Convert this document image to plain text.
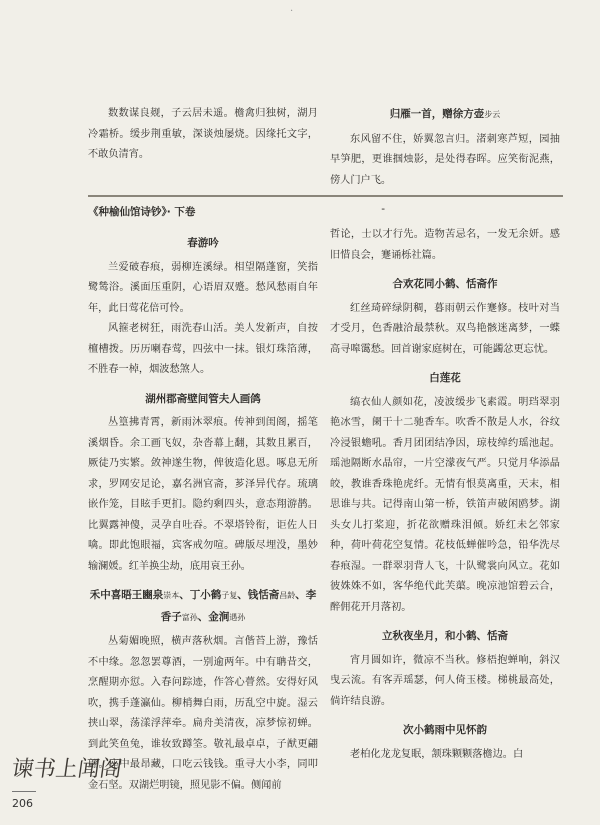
·

数数谋良觌，子云居未遥。檐禽归独树，湖月冷霜桥。缓步荆重敏，深谈烛屡烧。因缘托文字，不敢负清宵。

归雁一首，赠徐方壶步云

东风留不住，娇翼忽言归。渚刺寒芦短，园抽早笋肥，更谁掴烛影，是处得春晖。应笑衔泥燕，傍人门户飞。

《种榆仙馆诗钞》· 下卷	-
春游吟

兰爱破春痕，弱柳连溪绿。相望隔蓬窗，笑指鹭鸶浴。溪面压重阴，心语眉双蹙。愁风愁雨自年年，此日莺花倍可怜。

风箍老树狂，雨洗春山活。美人发新声，自按檀槽拨。历历喇春莺，四弦中一抹。银灯珠箔薄，不胜春一棹，烟波愁煞人。

湖州郡斋壁间管夫人画鸽

丛篁拂青霄，新雨沐翠痕。传神到闺阁，摇笔溪烟昏。余工画飞奴，杂沓幕上翻，其数且累百，厥徒乃实繁。敛神遂生物，俾彼造化恩。啄息无所求，罗网安足论，嘉名洲官斋，芗泽异代存。琉璃嵌作笼，目眩手更扪。隐约剩四头，意态翔游鹊。比翼露神傻，灵孕自吐吞。不翠塔铃衔，讵佐人日噙。即此饱眼福，宾客戒勿喧。碑版尽埋没，墨妙输澜媛。红羊换尘劫，底用哀王孙。

禾中喜晤王豳泉崇本、丁小鹤子复、钱恬斋昌龄、李香子富孙、金涧遇孙

丛菊媚晚照，横声落秋烟。言偕苔上游，豫恬不中缘。忽忽罢尊酒，一别逾两年。中有聃昔交，烹醒期亦愆。入春问踪迹，作答心瞢然。安得好风吹，携手蓬瀛仙。柳梢舞白雨，历乱空中旋。湿云挟山翠，荡漾浮萍牵。扁舟美清夜，凉梦惊初蝉。到此笑鱼兔，谁妆致蹲筌。敬礼最卓卓，子猷更翩翩。座中最昂藏，口吃云钱钱。重寻大小李，同叩金石坚。双湖烂明镜，照见影不偏。侧闻前

哲论，士以才行先。造物苦忌名，一发无余妍。感旧惜良会，蹇诵栎社篇。

合欢花同小鹤、恬斋作

红丝琦碎绿阴稠，暮雨朝云作蹇修。枝叶对当才受月，色香融洽最禁秋。双鸟艳骸迷离梦，一蝶高寻嗥霭愁。回首谢家庭树在，可能蠲忿更忘忧。

白莲花

缟衣仙人颜如花，凌波缓步飞素霞。明珰翠羽艳冰雪，阑干十二驰香车。吹香不散是人水，谷纹冷浸银蟾吼。香月团团结净因，琼枝绰约瑶池起。瑶池隔断水晶帘，一片空濛夜气严。只觉月华添晶皎，教谁香珠艳虎纤。无情有恨莫离重，天末，相思谁与共。记得南山第一桥，铁笛声破闲鸥梦。湖头女儿打桨迎，折花欲赠珠泪倾。娇红未乞邻家种，荷叶荷花空复情。花枝低蝉催吟急，铅华洗尽春痕湿。一群翠羽背人飞，十队鹭裳向风立。花如彼姝姝不如，客华绝代此芙蕖。晚凉池馆碧云合，醉佣花开月落初。

立秋夜坐月，和小鹤、恬斋

宵月圆如许，微凉不当秋。修梧抱蝉响，斜汉曳云流。有客弄瑶瑟，何人倚玉楼。梯桃最高处，倘许结良游。

次小鹤雨中见怀韵

老柏化龙龙复眠，颔珠颗颗落檐边。白

谏书上闻阁
206
